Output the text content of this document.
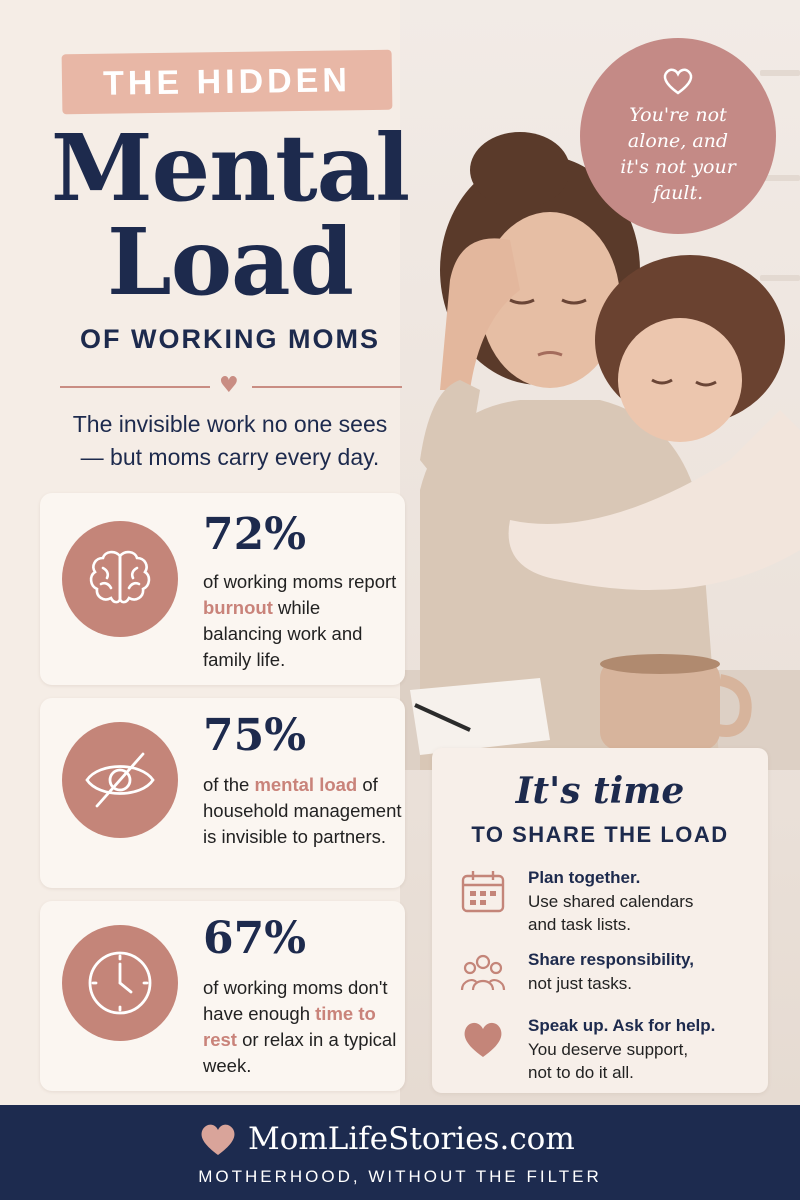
You're not
alone, and
it's not your
fault.
THE HIDDEN
Mental
Load
OF WORKING MOMS
♥
The invisible work no one sees
— but moms carry every day.
72%
of working moms report burnout while balancing work and family life.
75%
of the mental load of household management is invisible to partners.
67%
of working moms don't have enough time to rest or relax in a typical week.
It's time
TO SHARE THE LOAD
Plan together.
Use shared calendars
and task lists.
Share responsibility,
not just tasks.
Speak up. Ask for help.
You deserve support,
not to do it all.
MomLifeStories.com
MOTHERHOOD, WITHOUT THE FILTER
